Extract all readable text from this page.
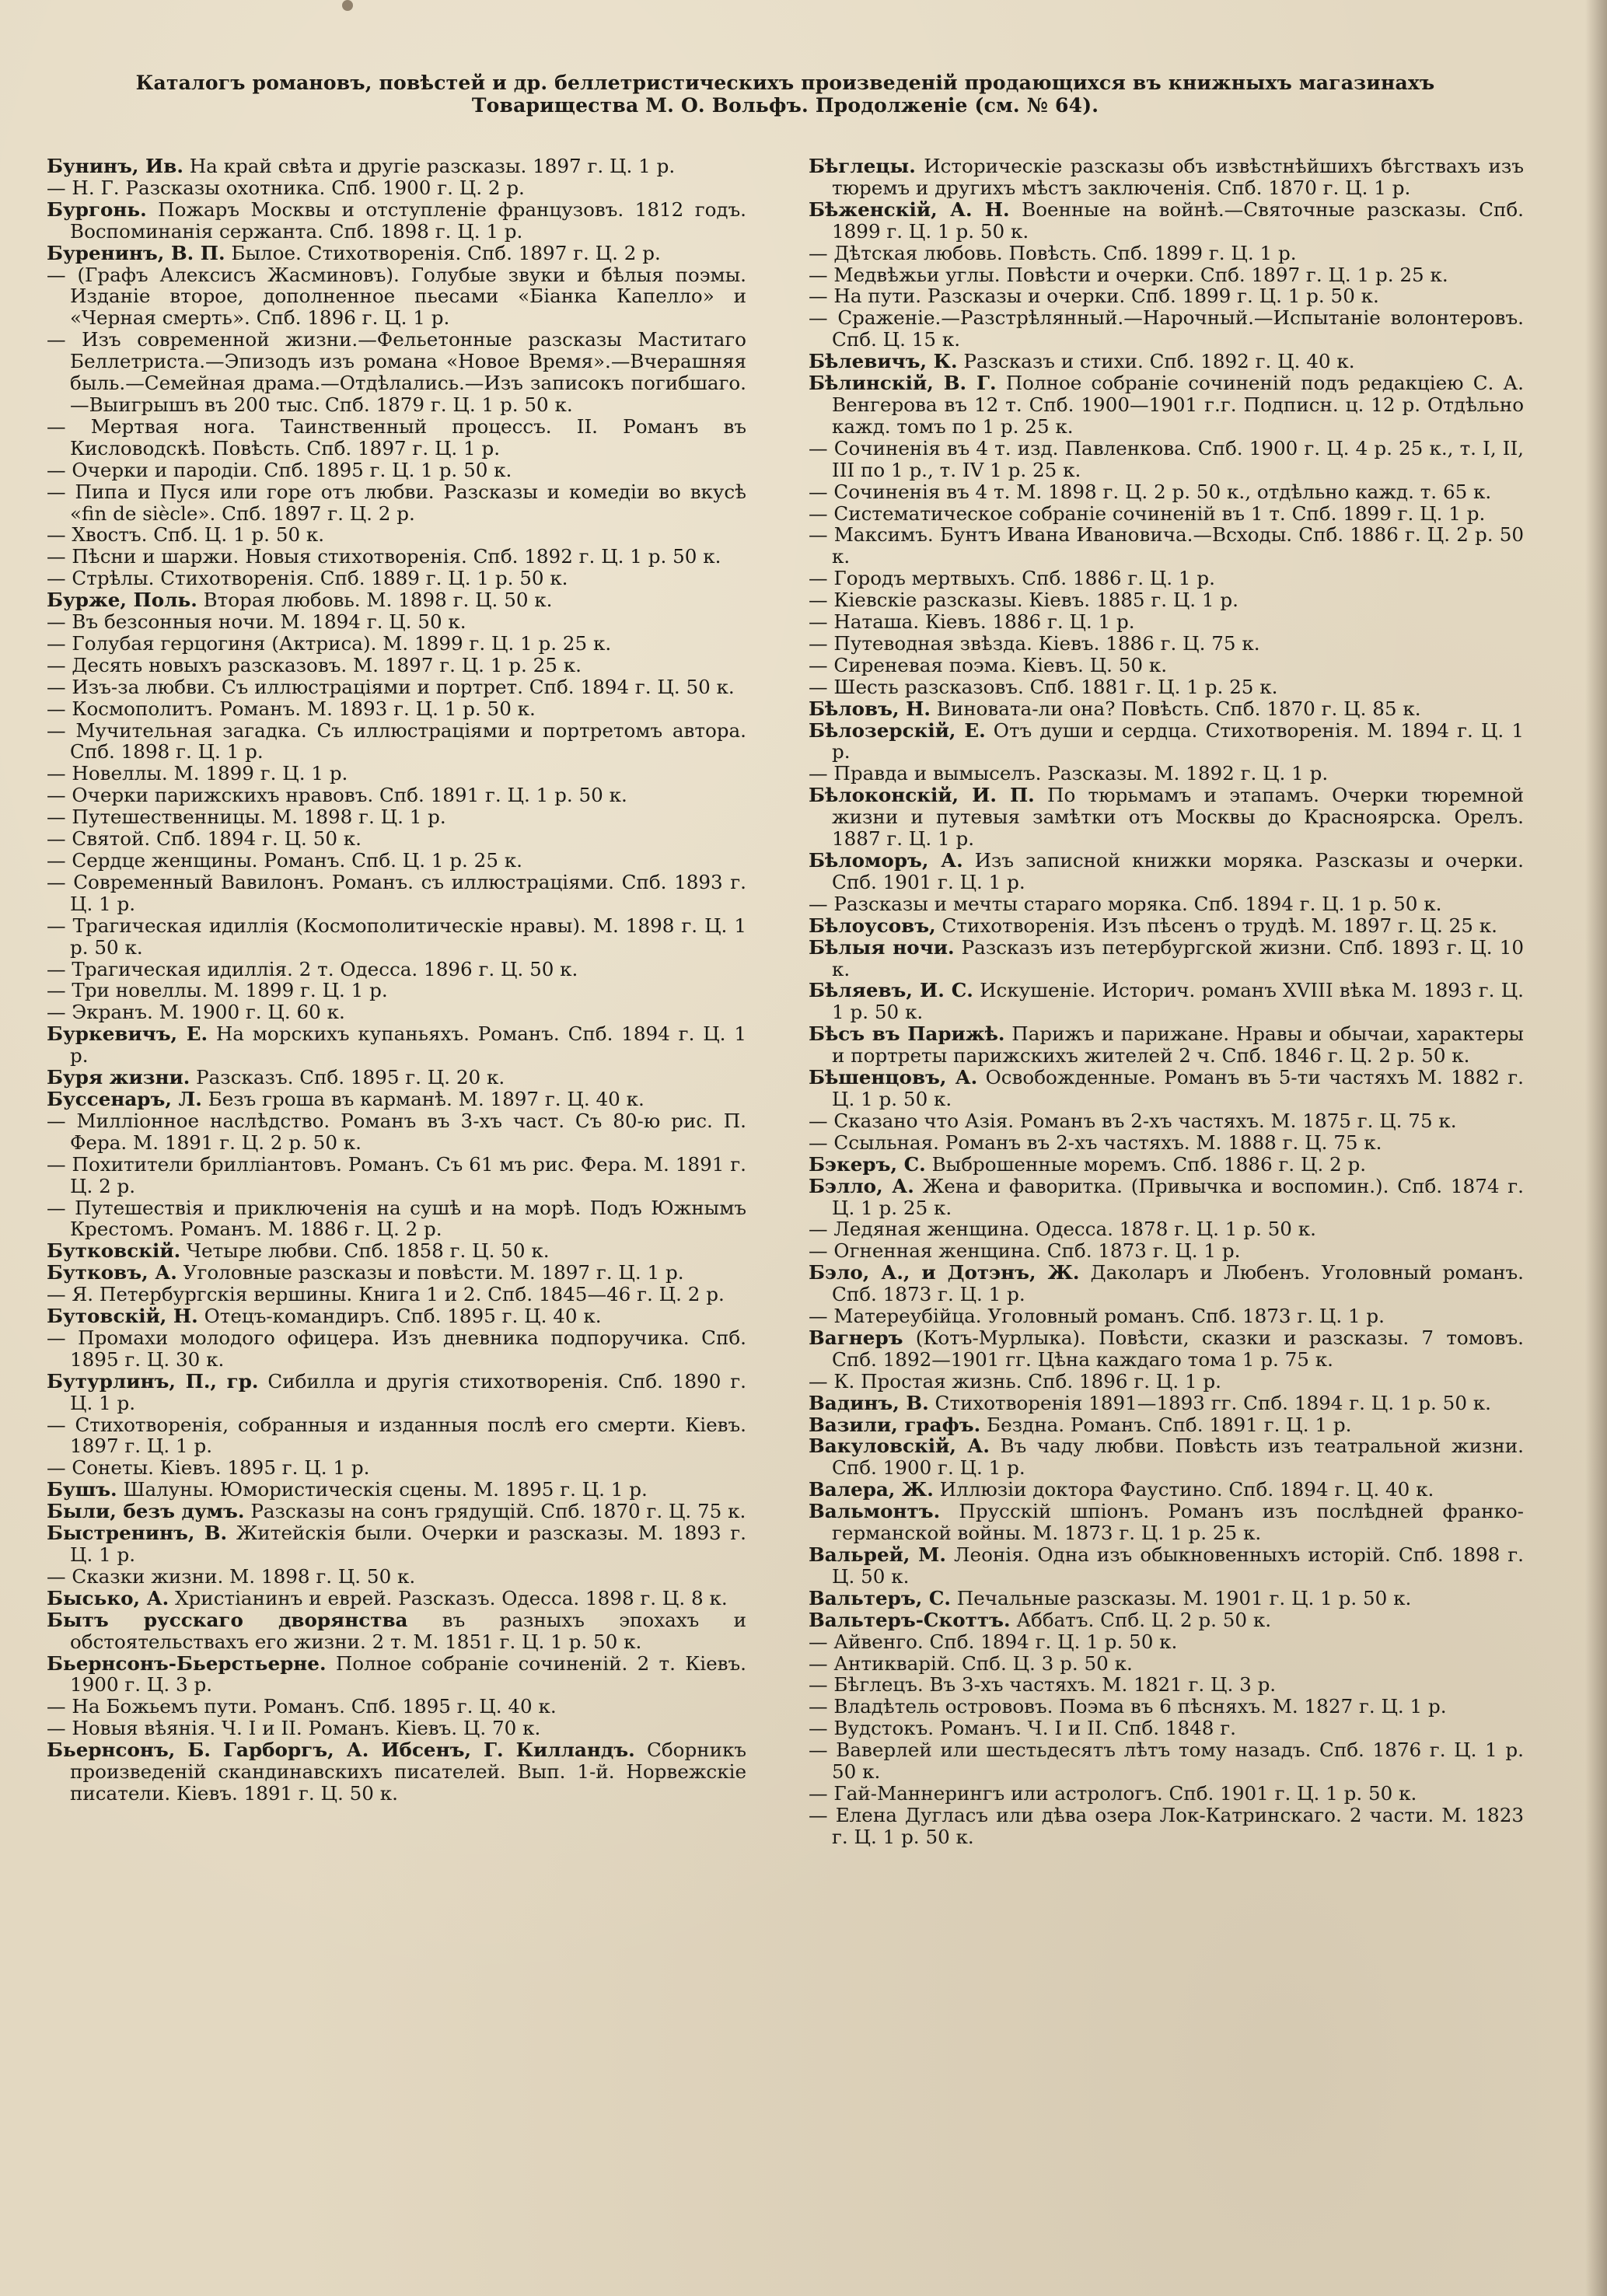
Каталогъ романовъ, повѣстей и др. беллетристическихъ произведеній продающихся въ книжныхъ магазинахъ
Товарищества М. О. Вольфъ. Продолженіе (см. № 64).
Бунинъ, Ив. На край свѣта и другіе разсказы. 1897 г. Ц. 1 р.
— Н. Г. Разсказы охотника. Спб. 1900 г. Ц. 2 р.
Бургонь. Пожаръ Москвы и отступленіе французовъ. 1812 годъ. Воспоминанія сержанта. Спб. 1898 г. Ц. 1 р.
Буренинъ, В. П. Былое. Стихотворенія. Спб. 1897 г. Ц. 2 р.
— (Графъ Алексисъ Жасминовъ). Голубые звуки и бѣлыя поэмы. Изданіе второе, дополненное пьесами «Біанка Капелло» и «Черная смерть». Спб. 1896 г. Ц. 1 р.
— Изъ современной жизни.—Фельетонные разсказы Маститаго Беллетриста.—Эпизодъ изъ романа «Новое Время».—Вчерашняя быль.—Семейная драма.—Отдѣлались.—Изъ записокъ погибшаго.—Выигрышъ въ 200 тыс. Спб. 1879 г. Ц. 1 р. 50 к.
— Мертвая нога. Таинственный процессъ. II. Романъ въ Кисловодскѣ. Повѣсть. Спб. 1897 г. Ц. 1 р.
— Очерки и пародіи. Спб. 1895 г. Ц. 1 р. 50 к.
— Пипа и Пуся или горе отъ любви. Разсказы и комедіи во вкусѣ «fin de siècle». Спб. 1897 г. Ц. 2 р.
— Хвостъ. Спб. Ц. 1 р. 50 к.
— Пѣсни и шаржи. Новыя стихотворенія. Спб. 1892 г. Ц. 1 р. 50 к.
— Стрѣлы. Стихотворенія. Спб. 1889 г. Ц. 1 р. 50 к.
Бурже, Поль. Вторая любовь. М. 1898 г. Ц. 50 к.
— Въ безсонныя ночи. М. 1894 г. Ц. 50 к.
— Голубая герцогиня (Актриса). М. 1899 г. Ц. 1 р. 25 к.
— Десять новыхъ разсказовъ. М. 1897 г. Ц. 1 р. 25 к.
— Изъ-за любви. Съ иллюстраціями и портрет. Спб. 1894 г. Ц. 50 к.
— Космополитъ. Романъ. М. 1893 г. Ц. 1 р. 50 к.
— Мучительная загадка. Съ иллюстраціями и портретомъ автора. Спб. 1898 г. Ц. 1 р.
— Новеллы. М. 1899 г. Ц. 1 р.
— Очерки парижскихъ нравовъ. Спб. 1891 г. Ц. 1 р. 50 к.
— Путешественницы. М. 1898 г. Ц. 1 р.
— Святой. Спб. 1894 г. Ц. 50 к.
— Сердце женщины. Романъ. Спб. Ц. 1 р. 25 к.
— Современный Вавилонъ. Романъ. съ иллюстраціями. Спб. 1893 г. Ц. 1 р.
— Трагическая идиллія (Космополитическіе нравы). М. 1898 г. Ц. 1 р. 50 к.
— Трагическая идиллія. 2 т. Одесса. 1896 г. Ц. 50 к.
— Три новеллы. М. 1899 г. Ц. 1 р.
— Экранъ. М. 1900 г. Ц. 60 к.
Буркевичъ, Е. На морскихъ купаньяхъ. Романъ. Спб. 1894 г. Ц. 1 р.
Буря жизни. Разсказъ. Спб. 1895 г. Ц. 20 к.
Буссенаръ, Л. Безъ гроша въ карманѣ. М. 1897 г. Ц. 40 к.
— Милліонное наслѣдство. Романъ въ 3-хъ част. Съ 80-ю рис. П. Фера. М. 1891 г. Ц. 2 р. 50 к.
— Похитители брилліантовъ. Романъ. Съ 61 мъ рис. Фера. М. 1891 г. Ц. 2 р.
— Путешествія и приключенія на сушѣ и на морѣ. Подъ Южнымъ Крестомъ. Романъ. М. 1886 г. Ц. 2 р.
Бутковскій. Четыре любви. Спб. 1858 г. Ц. 50 к.
Бутковъ, А. Уголовные разсказы и повѣсти. М. 1897 г. Ц. 1 р.
— Я. Петербургскія вершины. Книга 1 и 2. Спб. 1845—46 г. Ц. 2 р.
Бутовскій, Н. Отецъ-командиръ. Спб. 1895 г. Ц. 40 к.
— Промахи молодого офицера. Изъ дневника подпоручика. Спб. 1895 г. Ц. 30 к.
Бутурлинъ, П., гр. Сибилла и другія стихотворенія. Спб. 1890 г. Ц. 1 р.
— Стихотворенія, собранныя и изданныя послѣ его смерти. Кіевъ. 1897 г. Ц. 1 р.
— Сонеты. Кіевъ. 1895 г. Ц. 1 р.
Бушъ. Шалуны. Юмористическія сцены. М. 1895 г. Ц. 1 р.
Были, безъ думъ. Разсказы на сонъ грядущій. Спб. 1870 г. Ц. 75 к.
Быстренинъ, В. Житейскія были. Очерки и разсказы. М. 1893 г. Ц. 1 р.
— Сказки жизни. М. 1898 г. Ц. 50 к.
Бысько, А. Христіанинъ и еврей. Разсказъ. Одесса. 1898 г. Ц. 8 к.
Бытъ русскаго дворянства въ разныхъ эпохахъ и обстоятельствахъ его жизни. 2 т. М. 1851 г. Ц. 1 р. 50 к.
Бьернсонъ-Бьерстьерне. Полное собраніе сочиненій. 2 т. Кіевъ. 1900 г. Ц. 3 р.
— На Божьемъ пути. Романъ. Спб. 1895 г. Ц. 40 к.
— Новыя вѣянія. Ч. I и II. Романъ. Кіевъ. Ц. 70 к.
Бьернсонъ, Б. Гарборгъ, А. Ибсенъ, Г. Килландъ. Сборникъ произведеній скандинавскихъ писателей. Вып. 1-й. Норвежскіе писатели. Кіевъ. 1891 г. Ц. 50 к.
Бѣглецы. Историческіе разсказы объ извѣстнѣйшихъ бѣгствахъ изъ тюремъ и другихъ мѣстъ заключенія. Спб. 1870 г. Ц. 1 р.
Бѣженскій, А. Н. Военные на войнѣ.—Святочные разсказы. Спб. 1899 г. Ц. 1 р. 50 к.
— Дѣтская любовь. Повѣсть. Спб. 1899 г. Ц. 1 р.
— Медвѣжьи углы. Повѣсти и очерки. Спб. 1897 г. Ц. 1 р. 25 к.
— На пути. Разсказы и очерки. Спб. 1899 г. Ц. 1 р. 50 к.
— Сраженіе.—Разстрѣлянный.—Нарочный.—Испытаніе волонтеровъ. Спб. Ц. 15 к.
Бѣлевичъ, К. Разсказъ и стихи. Спб. 1892 г. Ц. 40 к.
Бѣлинскій, В. Г. Полное собраніе сочиненій подъ редакціею С. А. Венгерова въ 12 т. Спб. 1900—1901 г.г. Подписн. ц. 12 р. Отдѣльно кажд. томъ по 1 р. 25 к.
— Сочиненія въ 4 т. изд. Павленкова. Спб. 1900 г. Ц. 4 р. 25 к., т. I, II, III по 1 р., т. IV 1 р. 25 к.
— Сочиненія въ 4 т. М. 1898 г. Ц. 2 р. 50 к., отдѣльно кажд. т. 65 к.
— Систематическое собраніе сочиненій въ 1 т. Спб. 1899 г. Ц. 1 р.
— Максимъ. Бунтъ Ивана Ивановича.—Всходы. Спб. 1886 г. Ц. 2 р. 50 к.
— Городъ мертвыхъ. Спб. 1886 г. Ц. 1 р.
— Кіевскіе разсказы. Кіевъ. 1885 г. Ц. 1 р.
— Наташа. Кіевъ. 1886 г. Ц. 1 р.
— Путеводная звѣзда. Кіевъ. 1886 г. Ц. 75 к.
— Сиреневая поэма. Кіевъ. Ц. 50 к.
— Шесть разсказовъ. Спб. 1881 г. Ц. 1 р. 25 к.
Бѣловъ, Н. Виновата-ли она? Повѣсть. Спб. 1870 г. Ц. 85 к.
Бѣлозерскій, Е. Отъ души и сердца. Стихотворенія. М. 1894 г. Ц. 1 р.
— Правда и вымыселъ. Разсказы. М. 1892 г. Ц. 1 р.
Бѣлоконскій, И. П. По тюрьмамъ и этапамъ. Очерки тюремной жизни и путевыя замѣтки отъ Москвы до Красноярска. Орелъ. 1887 г. Ц. 1 р.
Бѣломоръ, А. Изъ записной книжки моряка. Разсказы и очерки. Спб. 1901 г. Ц. 1 р.
— Разсказы и мечты стараго моряка. Спб. 1894 г. Ц. 1 р. 50 к.
Бѣлоусовъ, Стихотворенія. Изъ пѣсенъ о трудѣ. М. 1897 г. Ц. 25 к.
Бѣлыя ночи. Разсказъ изъ петербургской жизни. Спб. 1893 г. Ц. 10 к.
Бѣляевъ, И. С. Искушеніе. Историч. романъ XVIII вѣка М. 1893 г. Ц. 1 р. 50 к.
Бѣсъ въ Парижѣ. Парижъ и парижане. Нравы и обычаи, характеры и портреты парижскихъ жителей 2 ч. Спб. 1846 г. Ц. 2 р. 50 к.
Бѣшенцовъ, А. Освобожденные. Романъ въ 5-ти частяхъ М. 1882 г. Ц. 1 р. 50 к.
— Сказано что Азія. Романъ въ 2-хъ частяхъ. М. 1875 г. Ц. 75 к.
— Ссыльная. Романъ въ 2-хъ частяхъ. М. 1888 г. Ц. 75 к.
Бэкеръ, С. Выброшенные моремъ. Спб. 1886 г. Ц. 2 р.
Бэлло, А. Жена и фаворитка. (Привычка и воспомин.). Спб. 1874 г. Ц. 1 р. 25 к.
— Ледяная женщина. Одесса. 1878 г. Ц. 1 р. 50 к.
— Огненная женщина. Спб. 1873 г. Ц. 1 р.
Бэло, А., и Дотэнъ, Ж. Даколаръ и Любенъ. Уголовный романъ. Спб. 1873 г. Ц. 1 р.
— Матереубійца. Уголовный романъ. Спб. 1873 г. Ц. 1 р.
Вагнеръ (Котъ-Мурлыка). Повѣсти, сказки и разсказы. 7 томовъ. Спб. 1892—1901 гг. Цѣна каждаго тома 1 р. 75 к.
— К. Простая жизнь. Спб. 1896 г. Ц. 1 р.
Вадинъ, В. Стихотворенія 1891—1893 гг. Спб. 1894 г. Ц. 1 р. 50 к.
Вазили, графъ. Бездна. Романъ. Спб. 1891 г. Ц. 1 р.
Вакуловскій, А. Въ чаду любви. Повѣсть изъ театральной жизни. Спб. 1900 г. Ц. 1 р.
Валера, Ж. Иллюзіи доктора Фаустино. Спб. 1894 г. Ц. 40 к.
Вальмонтъ. Прусскій шпіонъ. Романъ изъ послѣдней франко-германской войны. М. 1873 г. Ц. 1 р. 25 к.
Вальрей, М. Леонія. Одна изъ обыкновенныхъ исторій. Спб. 1898 г. Ц. 50 к.
Вальтеръ, С. Печальные разсказы. М. 1901 г. Ц. 1 р. 50 к.
Вальтеръ-Скоттъ. Аббатъ. Спб. Ц. 2 р. 50 к.
— Айвенго. Спб. 1894 г. Ц. 1 р. 50 к.
— Антикварій. Спб. Ц. 3 р. 50 к.
— Бѣглецъ. Въ 3-хъ частяхъ. М. 1821 г. Ц. 3 р.
— Владѣтель острововъ. Поэма въ 6 пѣсняхъ. М. 1827 г. Ц. 1 р.
— Вудстокъ. Романъ. Ч. I и II. Спб. 1848 г.
— Ваверлей или шестьдесятъ лѣтъ тому назадъ. Спб. 1876 г. Ц. 1 р. 50 к.
— Гай-Маннерингъ или астрологъ. Спб. 1901 г. Ц. 1 р. 50 к.
— Елена Дугласъ или дѣва озера Лок-Катринскаго. 2 части. М. 1823 г. Ц. 1 р. 50 к.
